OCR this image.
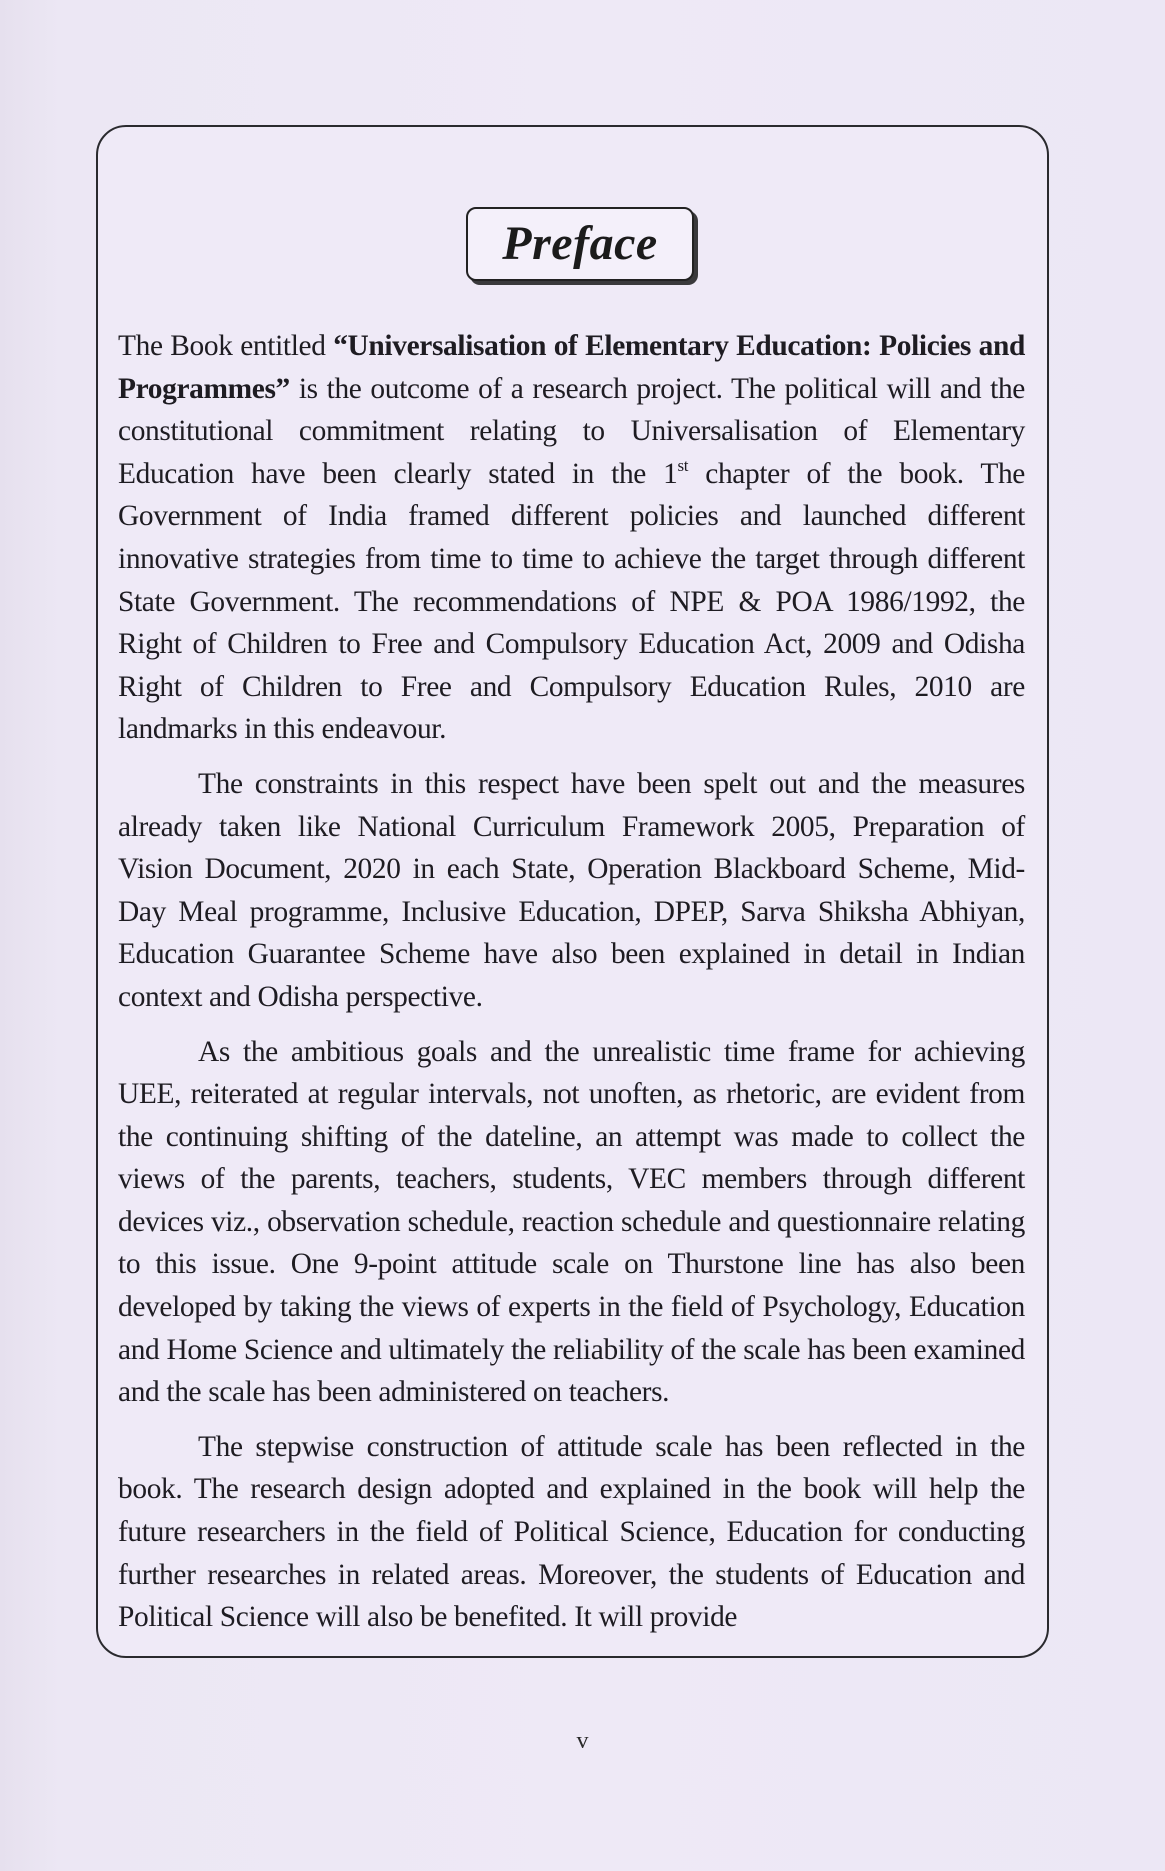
Preface

The Book entitled “Universalisation of Elementary Education: Policies and Programmes” is the outcome of a research project. The political will and the constitutional commitment relating to Universalisation of Elementary Education have been clearly stated in the 1st chapter of the book. The Government of India framed different policies and launched different innovative strategies from time to time to achieve the target through different State Government. The recommendations of NPE & POA 1986/1992, the Right of Children to Free and Compulsory Education Act, 2009 and Odisha Right of Children to Free and Compulsory Education Rules, 2010 are landmarks in this endeavour.

The constraints in this respect have been spelt out and the measures already taken like National Curriculum Framework 2005, Preparation of Vision Document, 2020 in each State, Operation Blackboard Scheme, Mid-Day Meal programme, Inclusive Education, DPEP, Sarva Shiksha Abhiyan, Education Guarantee Scheme have also been explained in detail in Indian context and Odisha perspective.

As the ambitious goals and the unrealistic time frame for achieving UEE, reiterated at regular intervals, not unoften, as rhetoric, are evident from the continuing shifting of the dateline, an attempt was made to collect the views of the parents, teachers, students, VEC members through different devices viz., observation schedule, reaction schedule and questionnaire relating to this issue. One 9-point attitude scale on Thurstone line has also been developed by taking the views of experts in the field of Psychology, Education and Home Science and ultimately the reliability of the scale has been examined and the scale has been administered on teachers.

The stepwise construction of attitude scale has been reflected in the book. The research design adopted and explained in the book will help the future researchers in the field of Political Science, Education for conducting further researches in related areas. Moreover, the students of Education and Political Science will also be benefited. It will provide

v
